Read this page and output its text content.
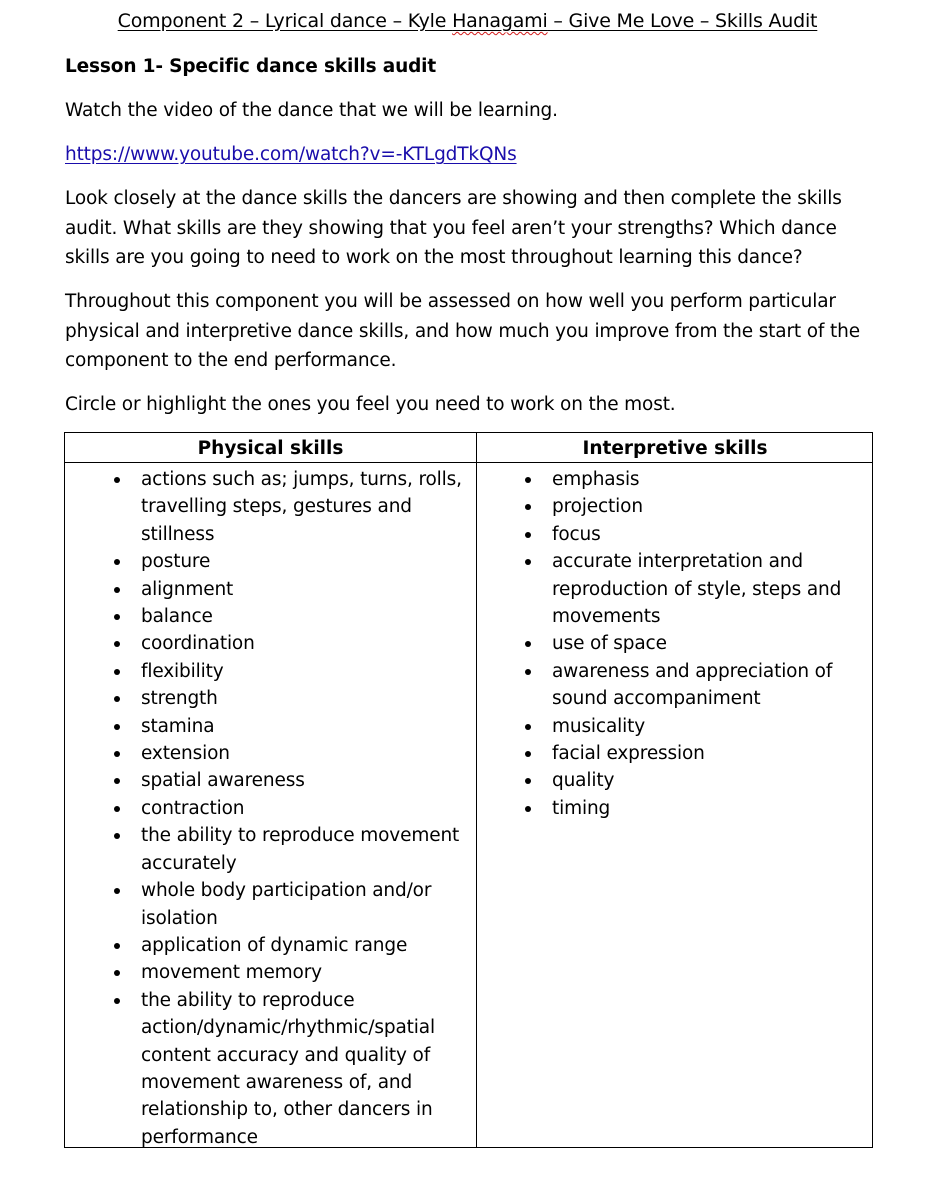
Component 2 – Lyrical dance – Kyle Hanagami – Give Me Love – Skills Audit
Lesson 1- Specific dance skills audit
Watch the video of the dance that we will be learning.
https://www.youtube.com/watch?v=-KTLgdTkQNs
Look closely at the dance skills the dancers are showing and then complete the skills audit. What skills are they showing that you feel aren’t your strengths? Which dance skills are you going to need to work on the most throughout learning this dance?
Throughout this component you will be assessed on how well you perform particular physical and interpretive dance skills, and how much you improve from the start of the component to the end performance.
Circle or highlight the ones you feel you need to work on the most.
Physical skills	Interpretive skills
actions such as; jumps, turns, rolls, travelling steps, gestures and stillness
posture
alignment
balance
coordination
flexibility
strength
stamina
extension
spatial awareness
contraction
the ability to reproduce movement accurately
whole body participation and/or isolation
application of dynamic range
movement memory
the ability to reproduce action/dynamic/rhythmic/spatial content accuracy and quality of movement awareness of, and relationship to, other dancers in performance
emphasis
projection
focus
accurate interpretation and reproduction of style, steps and movements
use of space
awareness and appreciation of sound accompaniment
musicality
facial expression
quality
timing
